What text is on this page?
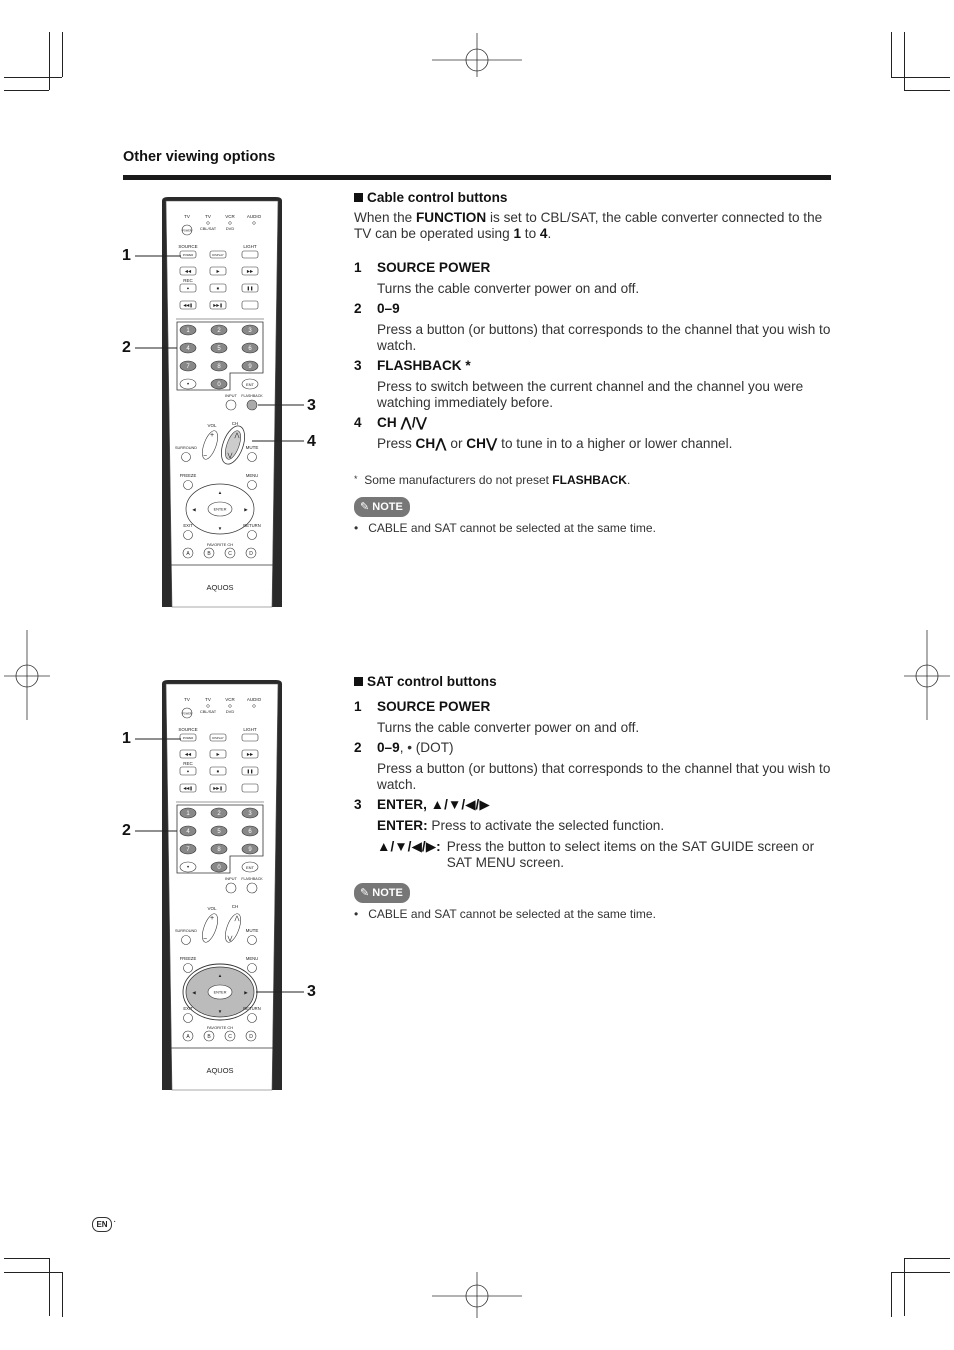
Other viewing options
TV	TV	VCR	AUDIO
CBL/SAT DVD
POWER
SOURCE	LIGHT
POWER	DISPLAY
REC
◀◀	▶	▶▶
●	■	❚❚
◀◀❚	▶▶❚
1	2	3
4	5	6
7	8	9
•	0	ENT
INPUT FLASHBACK
VOL	CH
+
−
⋀
⋁
SURROUND	MUTE
FREEZE	MENU
ENTER
▲
▼
◀	▶
EXIT	RETURN
FAVORITE CH
A	B	C	D
AQUOS
TV	TV	VCR	AUDIO
CBL/SAT DVD
POWER
SOURCE	LIGHT
POWER	DISPLAY
REC
◀◀	▶	▶▶
●	■	❚❚
◀◀❚	▶▶❚
1	2	3
4	5	6
7	8	9
•	0	ENT
INPUT FLASHBACK
VOL	CH
+
−
⋀
⋁
SURROUND	MUTE
FREEZE	MENU
ENTER
▲
▼
◀	▶
EXIT	RETURN
FAVORITE CH
A	B	C	D
AQUOS
1
2
3
4
1
2
3
Cable control buttons
When the FUNCTION is set to CBL/SAT, the cable converter connected to the TV can be operated using 1 to 4.
1 SOURCE POWER
Turns the cable converter power on and off.
2 0–9
Press a button (or buttons) that corresponds to the channel that you wish to watch.
3 FLASHBACK *
Press to switch between the current channel and the channel you were watching immediately before.
4 CH ⋀/⋁
Press CH⋀ or CH⋁ to tune in to a higher or lower channel.
* Some manufacturers do not preset FLASHBACK.
✎ NOTE
•   CABLE and SAT cannot be selected at the same time.
SAT control buttons
1 SOURCE POWER
Turns the cable converter power on and off.
2 0–9, • (DOT)
Press a button (or buttons) that corresponds to the channel that you wish to watch.
3 ENTER, ▲/▼/◀/▶
ENTER: Press to activate the selected function.
▲/▼/◀/▶: Press the button to select items on the SAT GUIDE screen or SAT MENU screen.
✎ NOTE
•   CABLE and SAT cannot be selected at the same time.
EN ·
